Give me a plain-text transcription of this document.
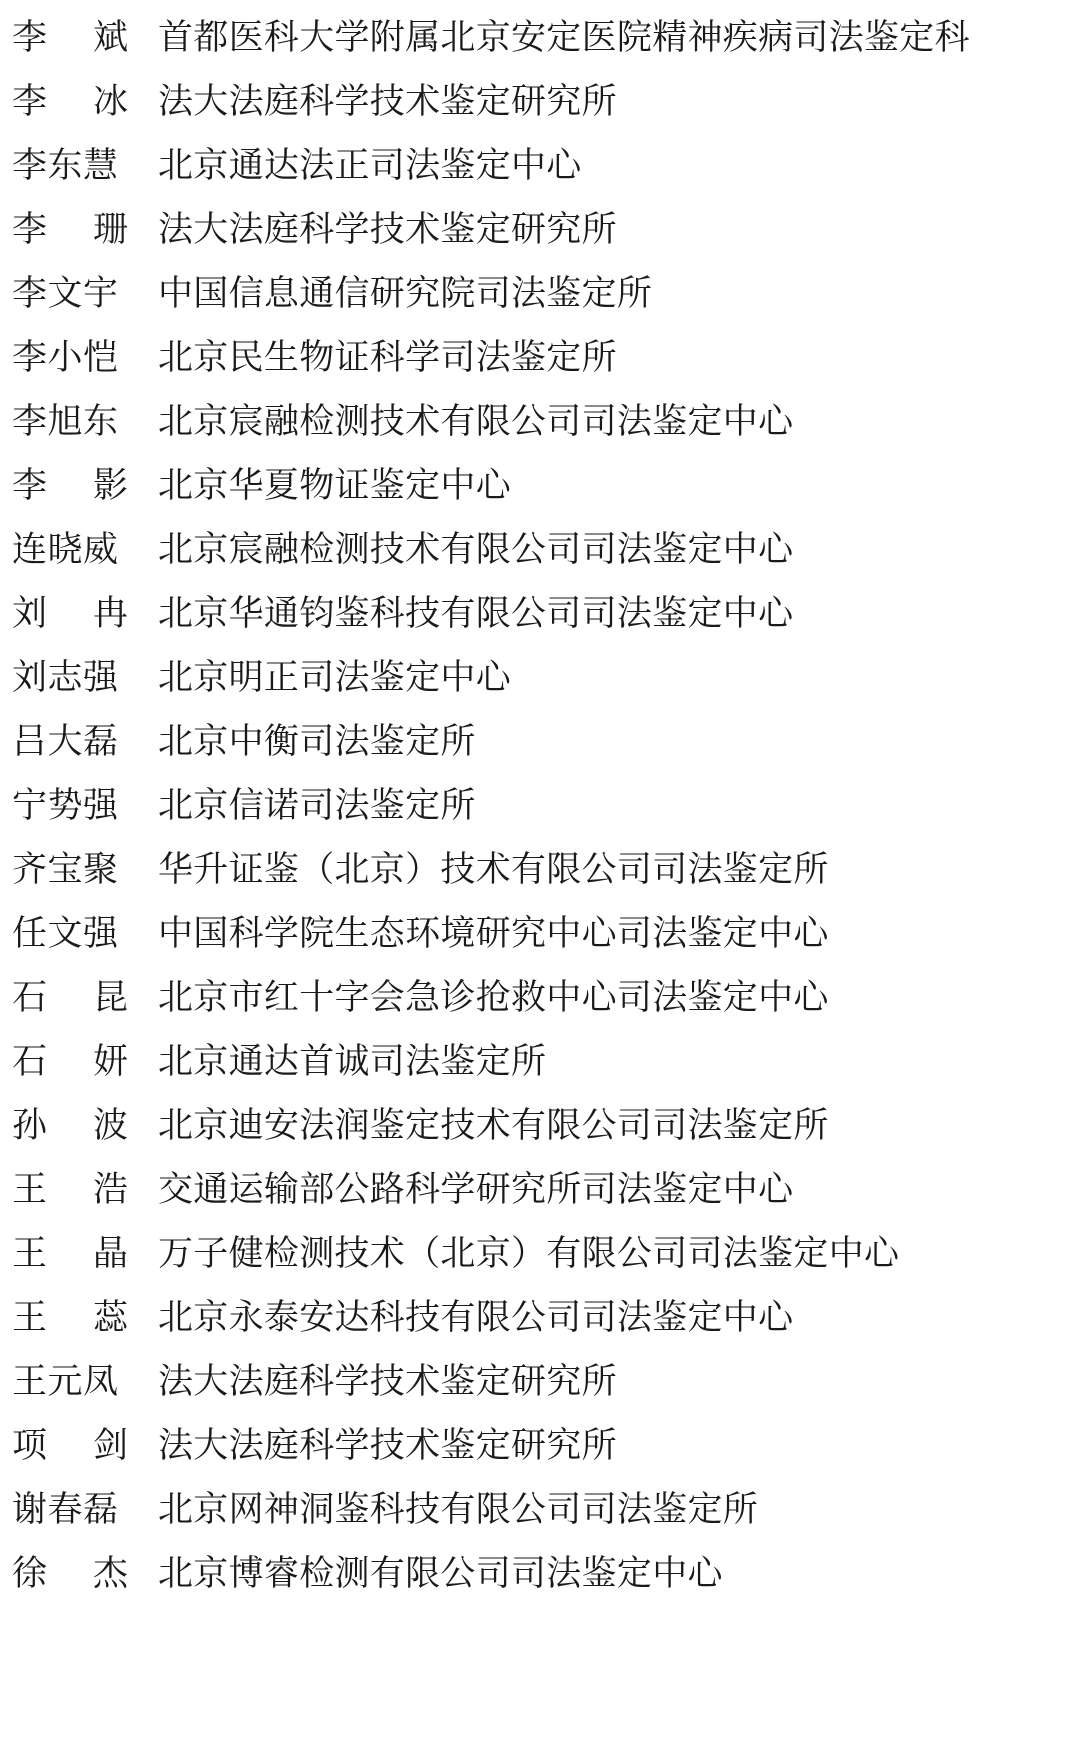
李 斌 首都医科大学附属北京安定医院精神疾病司法鉴定科
李 冰 法大法庭科学技术鉴定研究所
李东慧	北京通达法正司法鉴定中心
李 珊 法大法庭科学技术鉴定研究所
李文宇	中国信息通信研究院司法鉴定所
李小恺	北京民生物证科学司法鉴定所
李旭东	北京宸融检测技术有限公司司法鉴定中心
李 影 北京华夏物证鉴定中心
连晓威	北京宸融检测技术有限公司司法鉴定中心
刘 冉 北京华通钧鉴科技有限公司司法鉴定中心
刘志强	北京明正司法鉴定中心
吕大磊	北京中衡司法鉴定所
宁势强	北京信诺司法鉴定所
齐宝聚	华升证鉴（北京）技术有限公司司法鉴定所
任文强	中国科学院生态环境研究中心司法鉴定中心
石 昆 北京市红十字会急诊抢救中心司法鉴定中心
石 妍 北京通达首诚司法鉴定所
孙 波 北京迪安法润鉴定技术有限公司司法鉴定所
王 浩 交通运输部公路科学研究所司法鉴定中心
王 晶 万子健检测技术（北京）有限公司司法鉴定中心
王 蕊 北京永泰安达科技有限公司司法鉴定中心
王元凤	法大法庭科学技术鉴定研究所
项 剑 法大法庭科学技术鉴定研究所
谢春磊	北京网神洞鉴科技有限公司司法鉴定所
徐 杰 北京博睿检测有限公司司法鉴定中心
